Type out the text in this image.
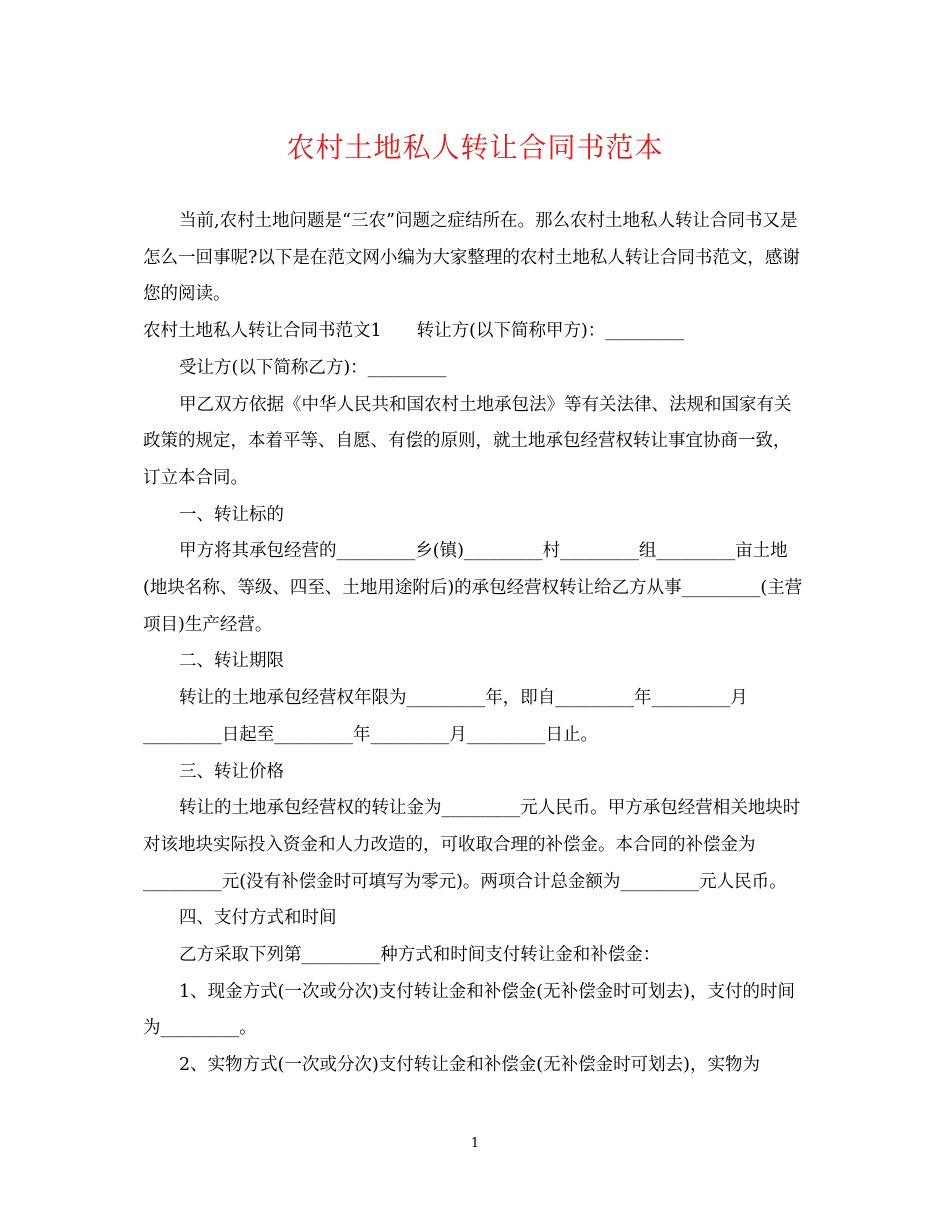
农村土地私人转让合同书范本

当前,农村土地问题是“三农”问题之症结所在。那么农村土地私人转让合同书又是怎么一回事呢?以下是在范文网小编为大家整理的农村土地私人转让合同书范文，感谢您的阅读。

农村土地私人转让合同书范文1　　转让方(以下简称甲方)：_________

受让方(以下简称乙方)：_________

甲乙双方依据《中华人民共和国农村土地承包法》等有关法律、法规和国家有关政策的规定，本着平等、自愿、有偿的原则，就土地承包经营权转让事宜协商一致，订立本合同。

一、转让标的

甲方将其承包经营的_________乡(镇)_________村_________组_________亩土地(地块名称、等级、四至、土地用途附后)的承包经营权转让给乙方从事_________(主营项目)生产经营。

二、转让期限

转让的土地承包经营权年限为_________年，即自_________年_________月_________日起至_________年_________月_________日止。

三、转让价格

转让的土地承包经营权的转让金为_________元人民币。甲方承包经营相关地块时对该地块实际投入资金和人力改造的，可收取合理的补偿金。本合同的补偿金为_________元(没有补偿金时可填写为零元)。两项合计总金额为_________元人民币。

四、支付方式和时间

乙方采取下列第_________种方式和时间支付转让金和补偿金：

1、现金方式(一次或分次)支付转让金和补偿金(无补偿金时可划去)，支付的时间为_________。

2、实物方式(一次或分次)支付转让金和补偿金(无补偿金时可划去)，实物为

1
